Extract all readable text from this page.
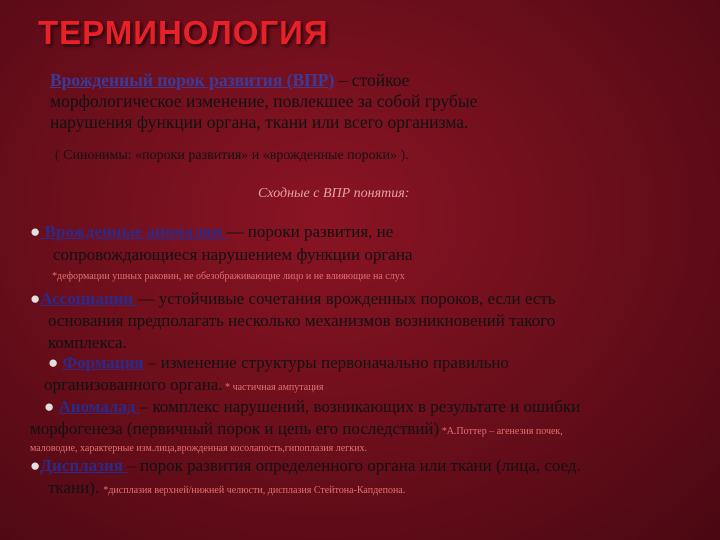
ТЕРМИНОЛОГИЯ
Врожденный порок развития (ВПР) – стойкое
морфологическое изменение, повлекшее за собой грубые
нарушения функции органа, ткани или всего организма.
( Синонимы: «пороки развития» и «врожденные пороки» ).
Сходные с ВПР понятия:
● Врожденные аномалии — пороки развития, не
сопровождающиеся нарушением функции органа
*деформации ушных раковин, не обезображивающие лицо и не влияющие на слух
●Ассоциации — устойчивые сочетания врожденных пороков, если есть
основания предполагать несколько механизмов возникновений такого
комплекса.
● Формация – изменение структуры первоначально правильно
организованного органа. * частичная ампутация
● Аномалад – комплекс нарушений, возникающих в результате и ошибки
морфогенеза (первичный порок и цепь его последствий) *А.Поттер – агенезия почек,
маловодие, характерные изм.лица,врожденная косолапость,гипоплазия легких.
●Дисплазия – порок развития определенного органа или ткани (лица, соед.
ткани). *дисплазия верхней/нижней челюсти, дисплазия Стейтона-Капдепона.
